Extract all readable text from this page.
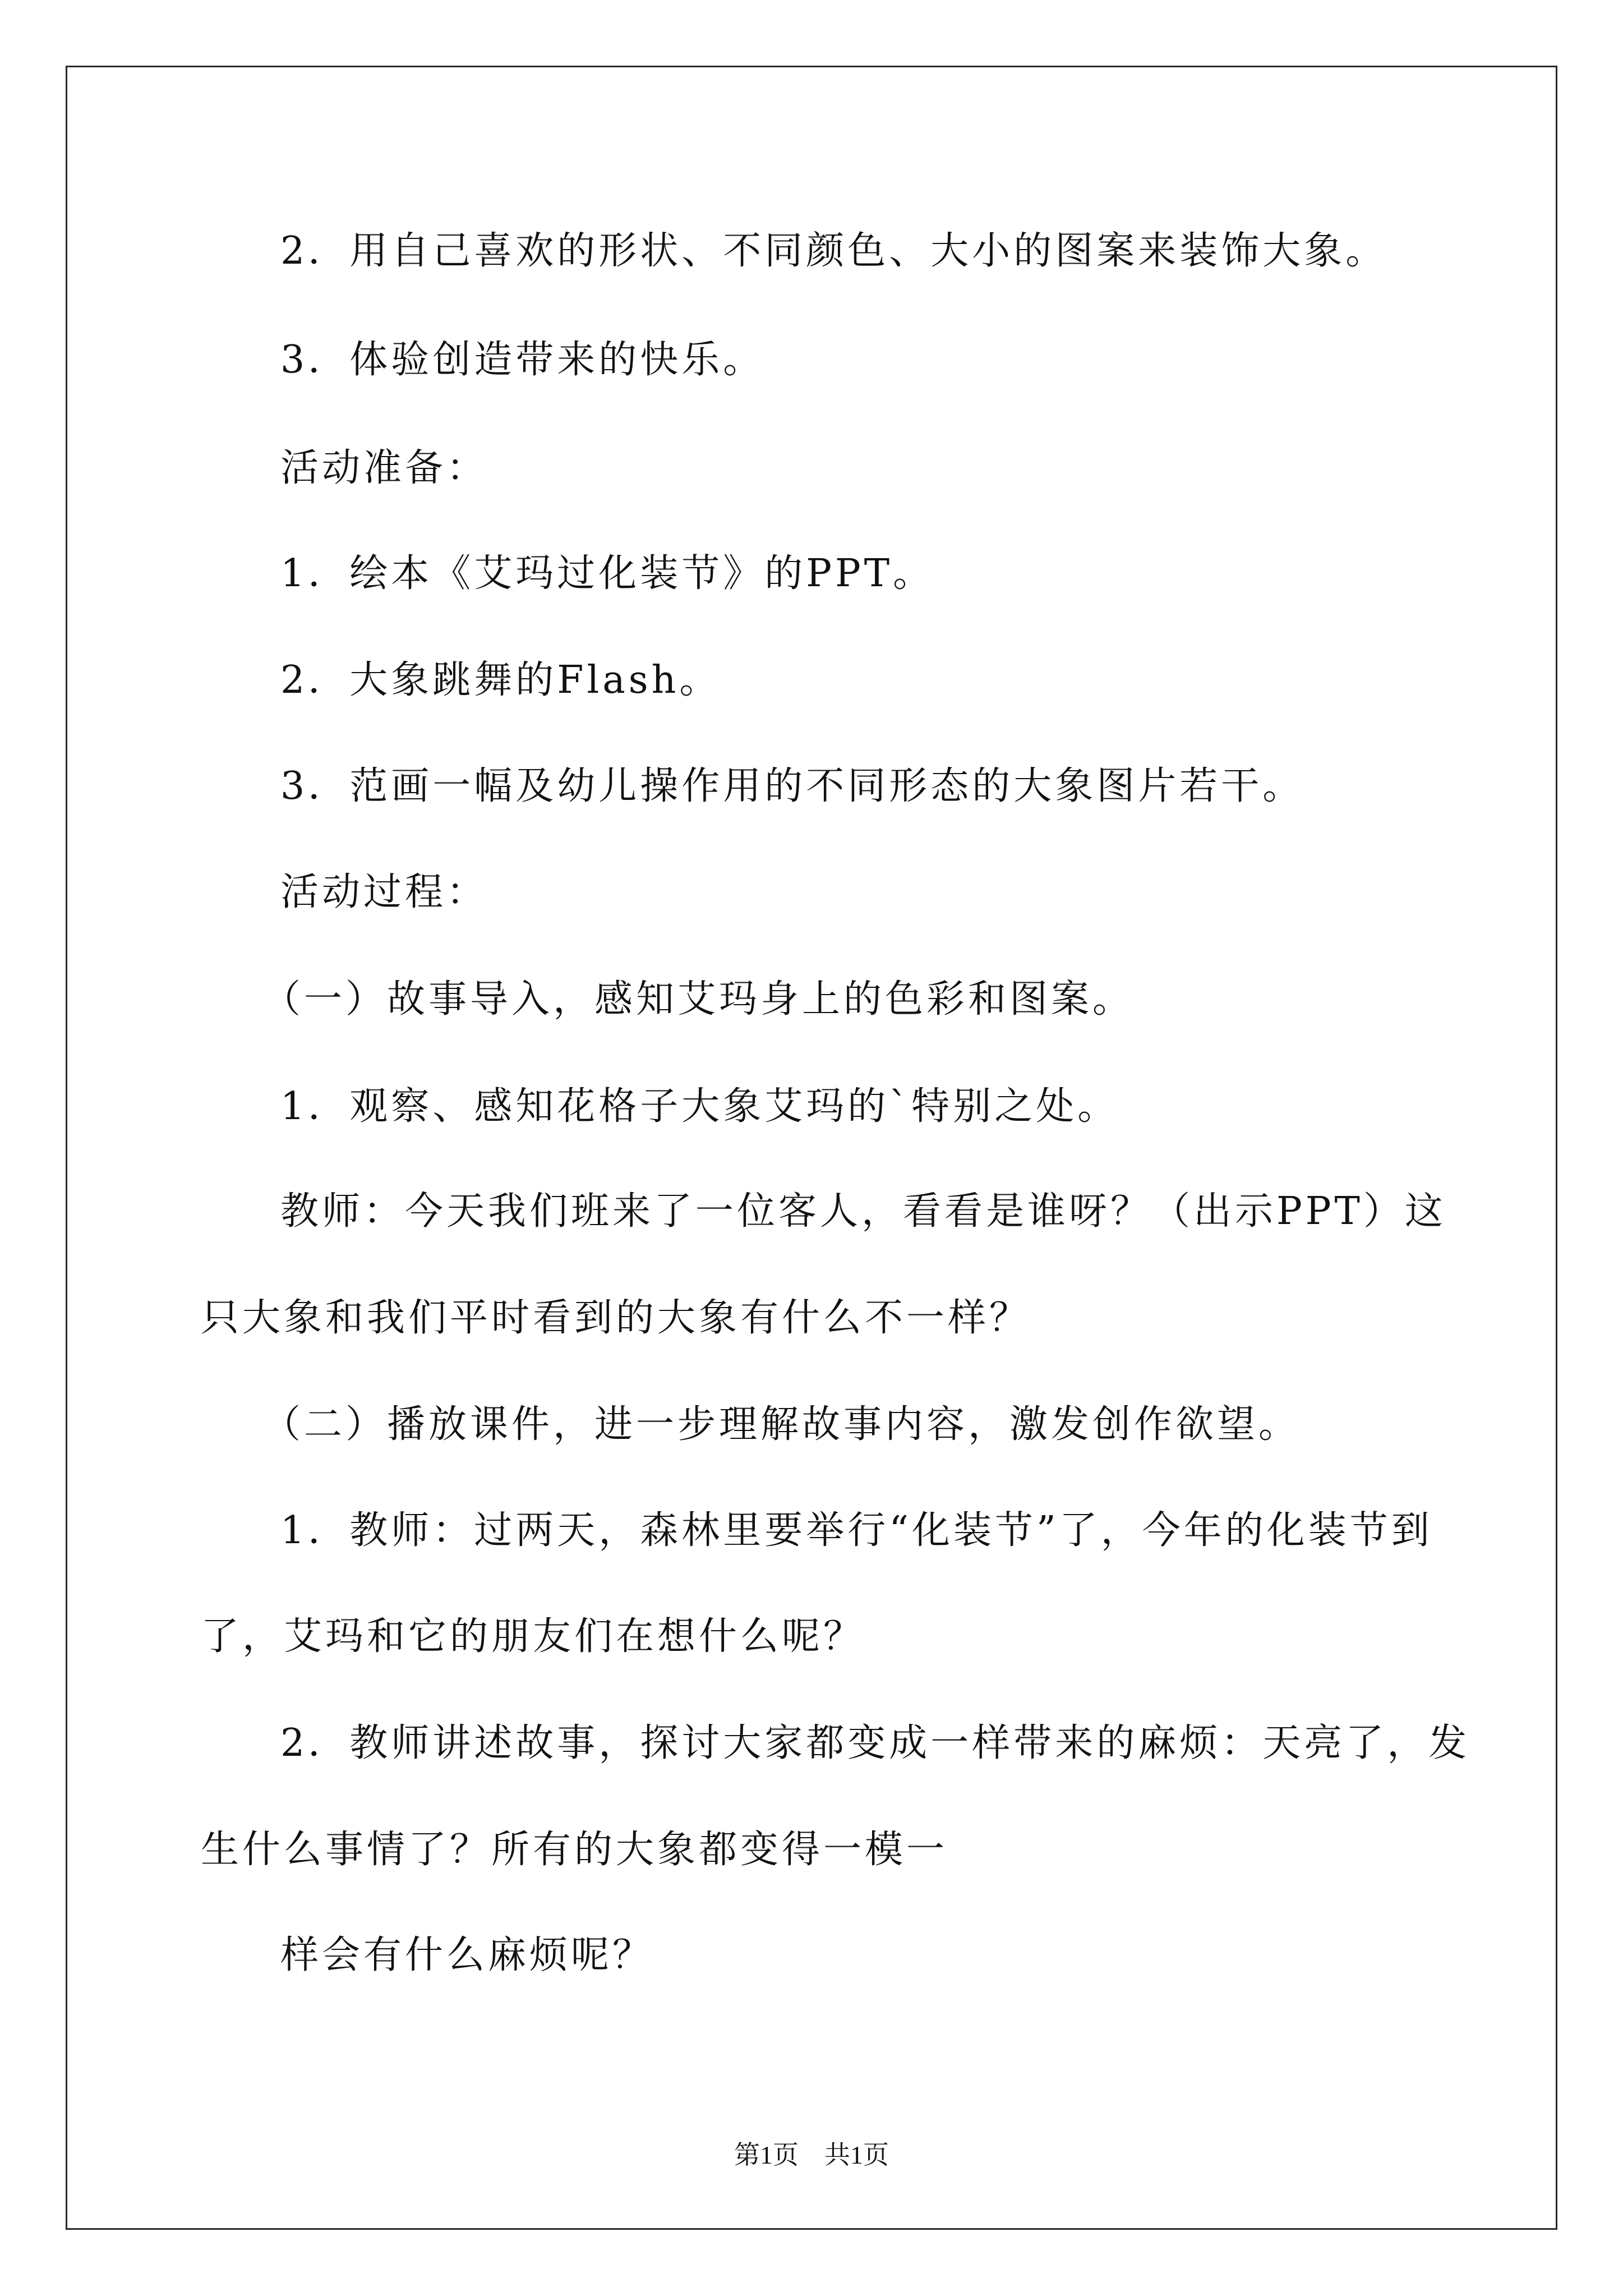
2．用自己喜欢的形状、不同颜色、大小的图案来装饰大象。
3．体验创造带来的快乐。
活动准备：
1．绘本《艾玛过化装节》的PPT。
2．大象跳舞的Flash。
3．范画一幅及幼儿操作用的不同形态的大象图片若干。
活动过程：
（一）故事导入，感知艾玛身上的色彩和图案。
1．观察、感知花格子大象艾玛的`特别之处。
教师：今天我们班来了一位客人，看看是谁呀？（出示PPT）这
只大象和我们平时看到的大象有什么不一样？
（二）播放课件，进一步理解故事内容，激发创作欲望。
1．教师：过两天，森林里要举行“化装节”了，今年的化装节到
了，艾玛和它的朋友们在想什么呢？
2．教师讲述故事，探讨大家都变成一样带来的麻烦：天亮了，发
生什么事情了？所有的大象都变得一模一
样会有什么麻烦呢？
第1页　共1页
